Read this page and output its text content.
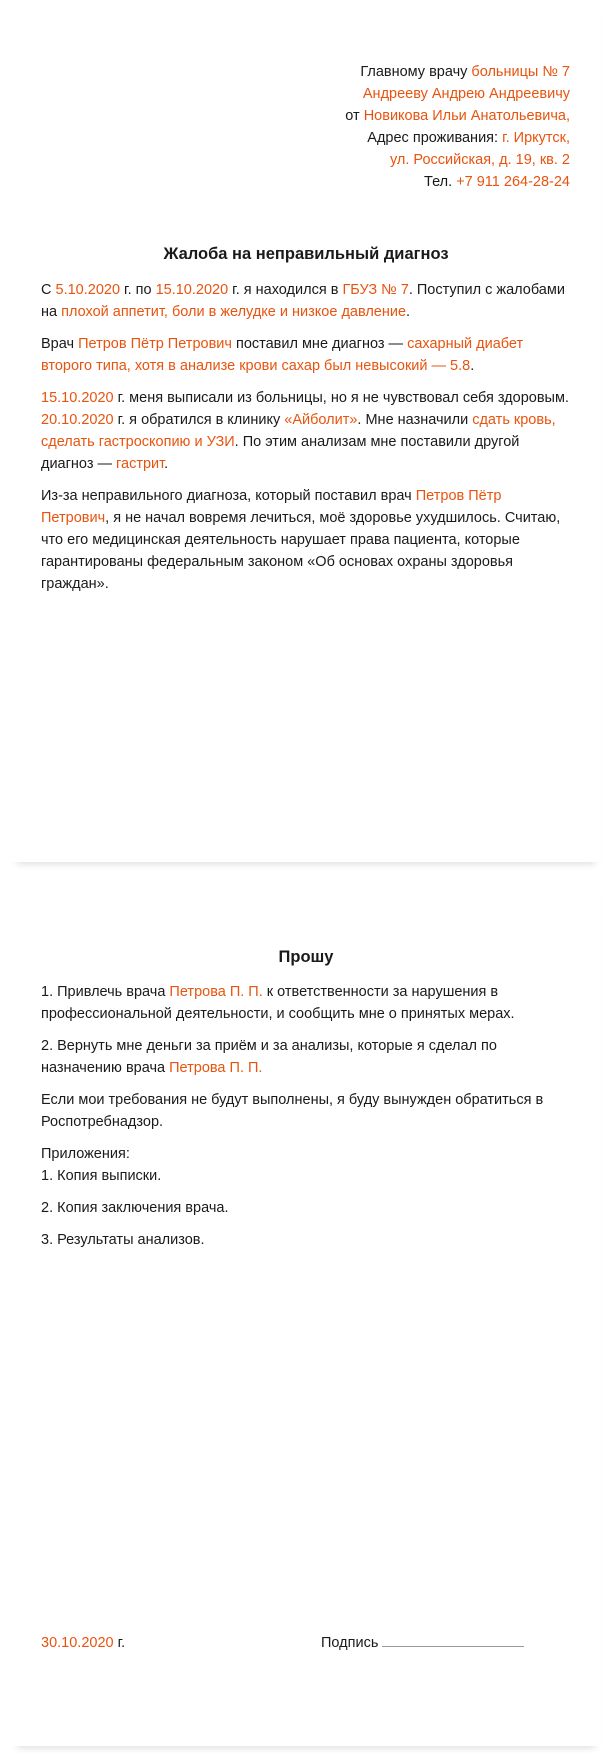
Главному врачу больницы № 7
Андрееву Андрею Андреевичу
от Новикова Ильи Анатольевича,
Адрес проживания: г. Иркутск,
ул. Российская, д. 19, кв. 2
Тел. +7 911 264-28-24
Жалоба на неправильный диагноз

С 5.10.2020 г. по 15.10.2020 г. я находился в ГБУЗ № 7. Поступил с жалобами на плохой аппетит, боли в желудке и низкое давление.

Врач Петров Пётр Петрович поставил мне диагноз — сахарный диабет второго типа, хотя в анализе крови сахар был невысокий — 5.8.

15.10.2020 г. меня выписали из больницы, но я не чувствовал себя здоровым. 20.10.2020 г. я обратился в клинику «Айболит». Мне назначили сдать кровь, сделать гастроскопию и УЗИ. По этим анализам мне поставили другой диагноз — гастрит.

Из-за неправильного диагноза, который поставил врач Петров Пётр Петрович, я не начал вовремя лечиться, моё здоровье ухудшилось. Считаю, что его медицинская деятельность нарушает права пациента, которые гарантированы федеральным законом «Об основах охраны здоровья граждан».

Прошу

1. Привлечь врача Петрова П. П. к ответственности за нарушения в профессиональной деятельности, и сообщить мне о принятых мерах.

2. Вернуть мне деньги за приём и за анализы, которые я сделал по назначению врача Петрова П. П.

Если мои требования не будут выполнены, я буду вынужден обратиться в Роспотребнадзор.

Приложения:

1. Копия выписки.

2. Копия заключения врача.

3. Результаты анализов.

30.10.2020 г.	Подпись
